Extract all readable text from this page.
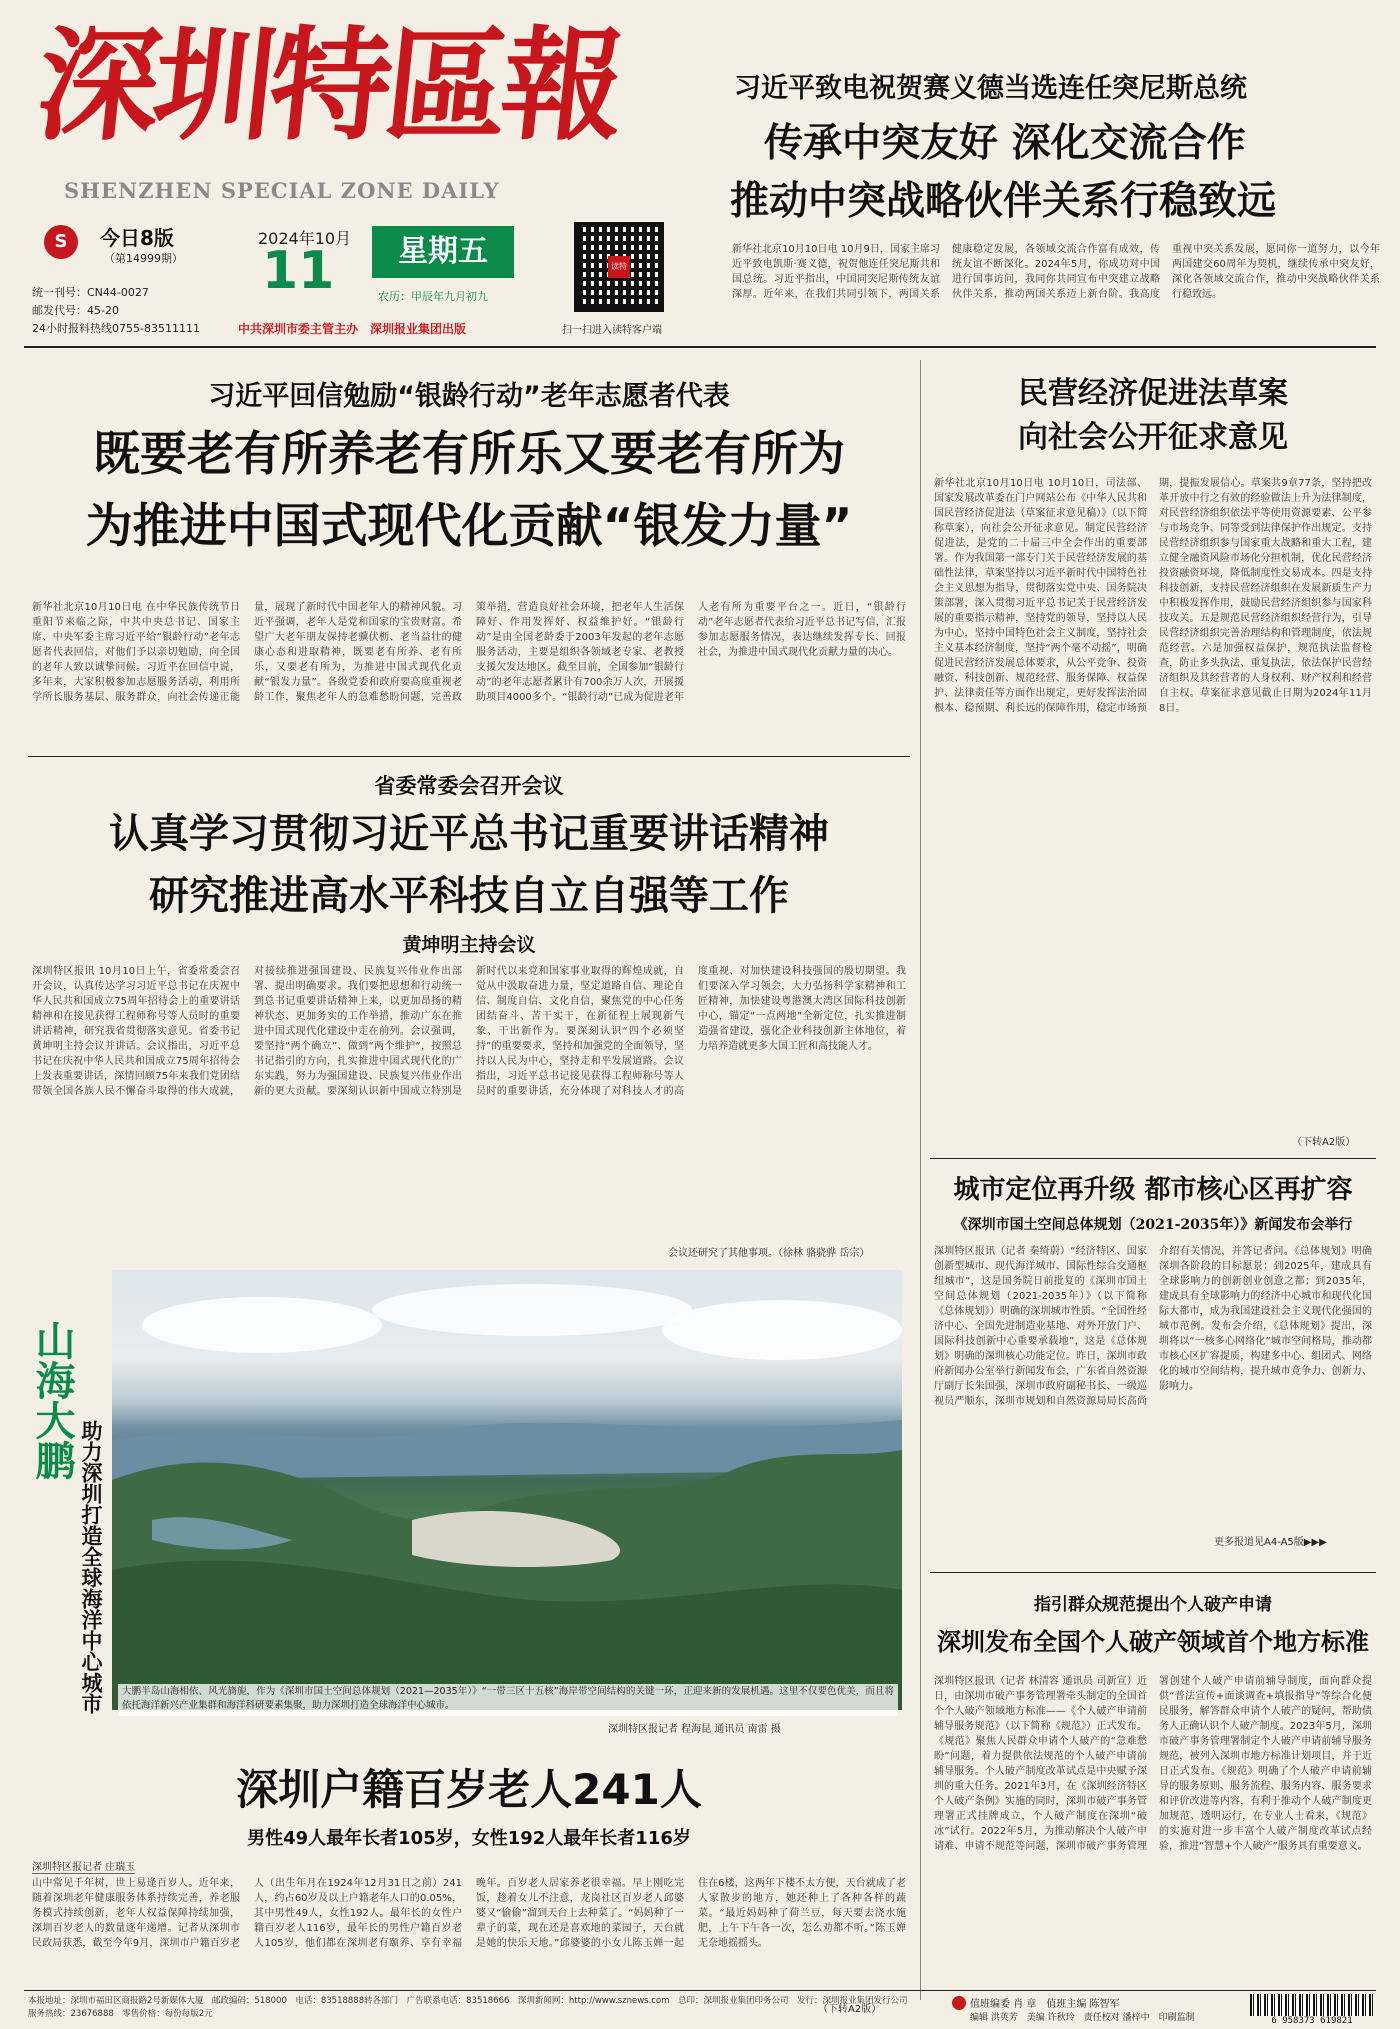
深圳特區報
SHENZHEN SPECIAL ZONE DAILY
S	今日8版
（第14999期）
统一刊号：CN44-0027
邮发代号：45-20
24小时报料热线0755-83511111
2024年10月
11	星期五
农历：甲辰年九月初九
中共深圳市委主管主办　深圳报业集团出版
读特
扫一扫进入读特客户端
习近平致电祝贺赛义德当选连任突尼斯总统
传承中突友好 深化交流合作
推动中突战略伙伴关系行稳致远
新华社北京10月10日电 10月9日，国家主席习近平致电凯斯·赛义德，祝贺他连任突尼斯共和国总统。习近平指出，中国同突尼斯传统友谊深厚。近年来，在我们共同引领下，两国关系健康稳定发展，各领域交流合作富有成效，传统友谊不断深化。2024年5月，你成功对中国进行国事访问，我同你共同宣布中突建立战略伙伴关系，推动两国关系迈上新台阶。我高度重视中突关系发展，愿同你一道努力，以今年两国建交60周年为契机，继续传承中突友好，深化各领域交流合作，推动中突战略伙伴关系行稳致远。
习近平回信勉励“银龄行动”老年志愿者代表
既要老有所养老有所乐又要老有所为
为推进中国式现代化贡献“银发力量”
新华社北京10月10日电 在中华民族传统节日重阳节来临之际，中共中央总书记、国家主席、中央军委主席习近平给“银龄行动”老年志愿者代表回信，对他们予以亲切勉励，向全国的老年人致以诚挚问候。习近平在回信中说，多年来，大家积极参加志愿服务活动，利用所学所长服务基层、服务群众，向社会传递正能量，展现了新时代中国老年人的精神风貌。习近平强调，老年人是党和国家的宝贵财富。希望广大老年朋友保持老骥伏枥、老当益壮的健康心态和进取精神，既要老有所养、老有所乐，又要老有所为，为推进中国式现代化贡献“银发力量”。各级党委和政府要高度重视老龄工作，聚焦老年人的急难愁盼问题，完善政策举措，营造良好社会环境，把老年人生活保障好、作用发挥好、权益维护好。“银龄行动”是由全国老龄委于2003年发起的老年志愿服务活动，主要是组织各领域老专家、老教授支援欠发达地区。截至目前，全国参加“银龄行动”的老年志愿者累计有700余万人次，开展援助项目4000多个。“银龄行动”已成为促进老年人老有所为重要平台之一。近日，“银龄行动”老年志愿者代表给习近平总书记写信，汇报参加志愿服务情况，表达继续发挥专长、回报社会，为推进中国式现代化贡献力量的决心。
省委常委会召开会议
认真学习贯彻习近平总书记重要讲话精神
研究推进高水平科技自立自强等工作
黄坤明主持会议
深圳特区报讯 10月10日上午，省委常委会召开会议，认真传达学习习近平总书记在庆祝中华人民共和国成立75周年招待会上的重要讲话精神和在接见获得工程师称号等人员时的重要讲话精神，研究我省贯彻落实意见。省委书记黄坤明主持会议并讲话。会议指出，习近平总书记在庆祝中华人民共和国成立75周年招待会上发表重要讲话，深情回顾75年来我们党团结带领全国各族人民不懈奋斗取得的伟大成就，对接续推进强国建设、民族复兴伟业作出部署、提出明确要求。我们要把思想和行动统一到总书记重要讲话精神上来，以更加昂扬的精神状态、更加务实的工作举措，推动广东在推进中国式现代化建设中走在前列。会议强调，要坚持“两个确立”、做到“两个维护”，按照总书记指引的方向，扎实推进中国式现代化的广东实践，努力为强国建设、民族复兴伟业作出新的更大贡献。要深刻认识新中国成立特别是新时代以来党和国家事业取得的辉煌成就，自觉从中汲取奋进力量，坚定道路自信、理论自信、制度自信、文化自信，聚焦党的中心任务团结奋斗、苦干实干，在新征程上展现新气象、干出新作为。要深刻认识“四个必须坚持”的重要要求，坚持和加强党的全面领导，坚持以人民为中心，坚持走和平发展道路。会议指出，习近平总书记接见获得工程师称号等人员时的重要讲话，充分体现了对科技人才的高度重视、对加快建设科技强国的殷切期望。我们要深入学习领会，大力弘扬科学家精神和工匠精神，加快建设粤港澳大湾区国际科技创新中心，锚定“一点两地”全新定位，扎实推进制造强省建设，强化企业科技创新主体地位，着力培养造就更多大国工匠和高技能人才。
会议还研究了其他事项。（徐林 骆骁骅 岳宗）
山海大鹏
助力深圳打造全球海洋中心城市	大鹏半岛山海相依、风光旖旎，作为《深圳市国土空间总体规划（2021—2035年）》“一带三区十五核”海岸带空间结构的关键一环，正迎来新的发展机遇。这里不仅要色优美，而且将依托海洋新兴产业集群和海洋科研要素集聚，助力深圳打造全球海洋中心城市。
深圳特区报记者 程海昆 通讯员 南雷 摄
深圳户籍百岁老人241人
男性49人最年长者105岁，女性192人最年长者116岁
深圳特区报记者 庄瑞玉
山中常见千年树，世上易逢百岁人。近年来，随着深圳老年健康服务体系持续完善，养老服务模式持续创新，老年人权益保障持续加强，深圳百岁老人的数量逐年递增。记者从深圳市民政局获悉，截至今年9月，深圳市户籍百岁老人（出生年月在1924年12月31日之前）241人，约占60岁及以上户籍老年人口的0.05%，其中男性49人，女性192人。最年长的女性户籍百岁老人116岁，最年长的男性户籍百岁老人105岁，他们都在深圳老有颐养、享有幸福晚年。百岁老人居家养老很幸福。早上刚吃完饭，趁着女儿不注意，龙岗社区百岁老人邱婆婆又“偷偷”溜到天台上去种菜了。“妈妈种了一辈子的菜，现在还是喜欢地的菜园子，天台就是她的快乐天地。”邱婆婆的小女儿陈玉婵一起住在6楼，这两年下楼不太方便，天台就成了老人家散步的地方，她还种上了各种各样的蔬菜。“最近妈妈种了荷兰豆，每天要去浇水施肥，上午下午各一次，怎么劝都不听。”陈玉婵无奈地摇摇头。
（下转A2版）
民营经济促进法草案
向社会公开征求意见
新华社北京10月10日电 10月10日，司法部、国家发展改革委在门户网站公布《中华人民共和国民营经济促进法（草案征求意见稿）》（以下简称草案），向社会公开征求意见。制定民营经济促进法，是党的二十届三中全会作出的重要部署。作为我国第一部专门关于民营经济发展的基础性法律，草案坚持以习近平新时代中国特色社会主义思想为指导，贯彻落实党中央、国务院决策部署，深入贯彻习近平总书记关于民营经济发展的重要指示精神，坚持党的领导，坚持以人民为中心，坚持中国特色社会主义制度，坚持社会主义基本经济制度，坚持“两个毫不动摇”，明确促进民营经济发展总体要求，从公平竞争、投资融资、科技创新、规范经营、服务保障、权益保护、法律责任等方面作出规定，更好发挥法治固根本、稳预期、利长远的保障作用，稳定市场预期，提振发展信心。草案共9章77条，坚持把改革开放中行之有效的经验做法上升为法律制度，对民营经济组织依法平等使用资源要素、公平参与市场竞争、同等受到法律保护作出规定。支持民营经济组织参与国家重大战略和重大工程，建立健全融资风险市场化分担机制，优化民营经济投资融资环境，降低制度性交易成本。四是支持科技创新，支持民营经济组织在发展新质生产力中积极发挥作用，鼓励民营经济组织参与国家科技攻关。五是规范民营经济组织经营行为，引导民营经济组织完善治理结构和管理制度，依法规范经营。六是加强权益保护，规范执法监督检查，防止多头执法、重复执法，依法保护民营经济组织及其经营者的人身权利、财产权利和经营自主权。草案征求意见截止日期为2024年11月8日。
（下转A2版）
城市定位再升级 都市核心区再扩容
《深圳市国土空间总体规划（2021-2035年）》新闻发布会举行
深圳特区报讯（记者 秦绮蔚）“经济特区、国家创新型城市、现代海洋城市、国际性综合交通枢纽城市”，这是国务院日前批复的《深圳市国土空间总体规划（2021-2035年）》（以下简称《总体规划》）明确的深圳城市性质。“全国性经济中心、全国先进制造业基地、对外开放门户、国际科技创新中心重要承载地”，这是《总体规划》明确的深圳核心功能定位。昨日，深圳市政府新闻办公室举行新闻发布会，广东省自然资源厅副厅长朱国强，深圳市政府副秘书长、一级巡视员严顺东，深圳市规划和自然资源局局长高尚介绍有关情况，并答记者问。《总体规划》明确深圳各阶段的目标愿景：到2025年，建成具有全球影响力的创新创业创意之都；到2035年，建成具有全球影响力的经济中心城市和现代化国际大都市，成为我国建设社会主义现代化强国的城市范例。发布会介绍，《总体规划》提出，深圳将以“一核多心网络化”城市空间格局，推动都市核心区扩容提质，构建多中心、组团式、网络化的城市空间结构，提升城市竞争力、创新力、影响力。
更多报道见A4-A5版▶▶▶
指引群众规范提出个人破产申请
深圳发布全国个人破产领域首个地方标准
深圳特区报讯（记者 林清容 通讯员 司新宣）近日，由深圳市破产事务管理署牵头制定的全国首个个人破产领域地方标准——《个人破产申请前辅导服务规范》（以下简称《规范》）正式发布。《规范》聚焦人民群众申请个人破产的“急难愁盼”问题，着力提供依法规范的个人破产申请前辅导服务。个人破产制度改革试点是中央赋予深圳的重大任务。2021年3月，在《深圳经济特区个人破产条例》实施的同时，深圳市破产事务管理署正式挂牌成立，个人破产制度在深圳“破冰”试行。2022年5月，为推动解决个人破产申请难、申请不规范等问题，深圳市破产事务管理署创建个人破产申请前辅导制度，面向群众提供“普法宣传+面谈调查+填报指导”等综合化便民服务，解答群众申请个人破产的疑问，帮助债务人正确认识个人破产制度。2023年5月，深圳市破产事务管理署制定个人破产申请前辅导服务规范，被列入深圳市地方标准计划项目，并于近日正式发布。《规范》明确了个人破产申请前辅导的服务原则、服务流程、服务内容、服务要求和评价改进等内容，有利于推动个人破产制度更加规范、透明运行，在专业人士看来，《规范》的实施对进一步丰富个人破产制度改革试点经验，推进“智慧+个人破产”服务具有重要意义。
本报地址：深圳市福田区商报路2号新媒体大厦　邮政编码：518000　电话：83518888转各部门　广告联系电话：83518666　深圳新闻网：http://www.sznews.com　总印：深圳报业集团印务公司　发行：深圳报业集团发行公司服务热线：23676888　零售价格：每份每版2元
值班编委 肖 章　值班主编 陈智军
编辑 洪英芳　美编 许秋玲　责任校对 潘梓中　印刷监制	6 958373 619821
